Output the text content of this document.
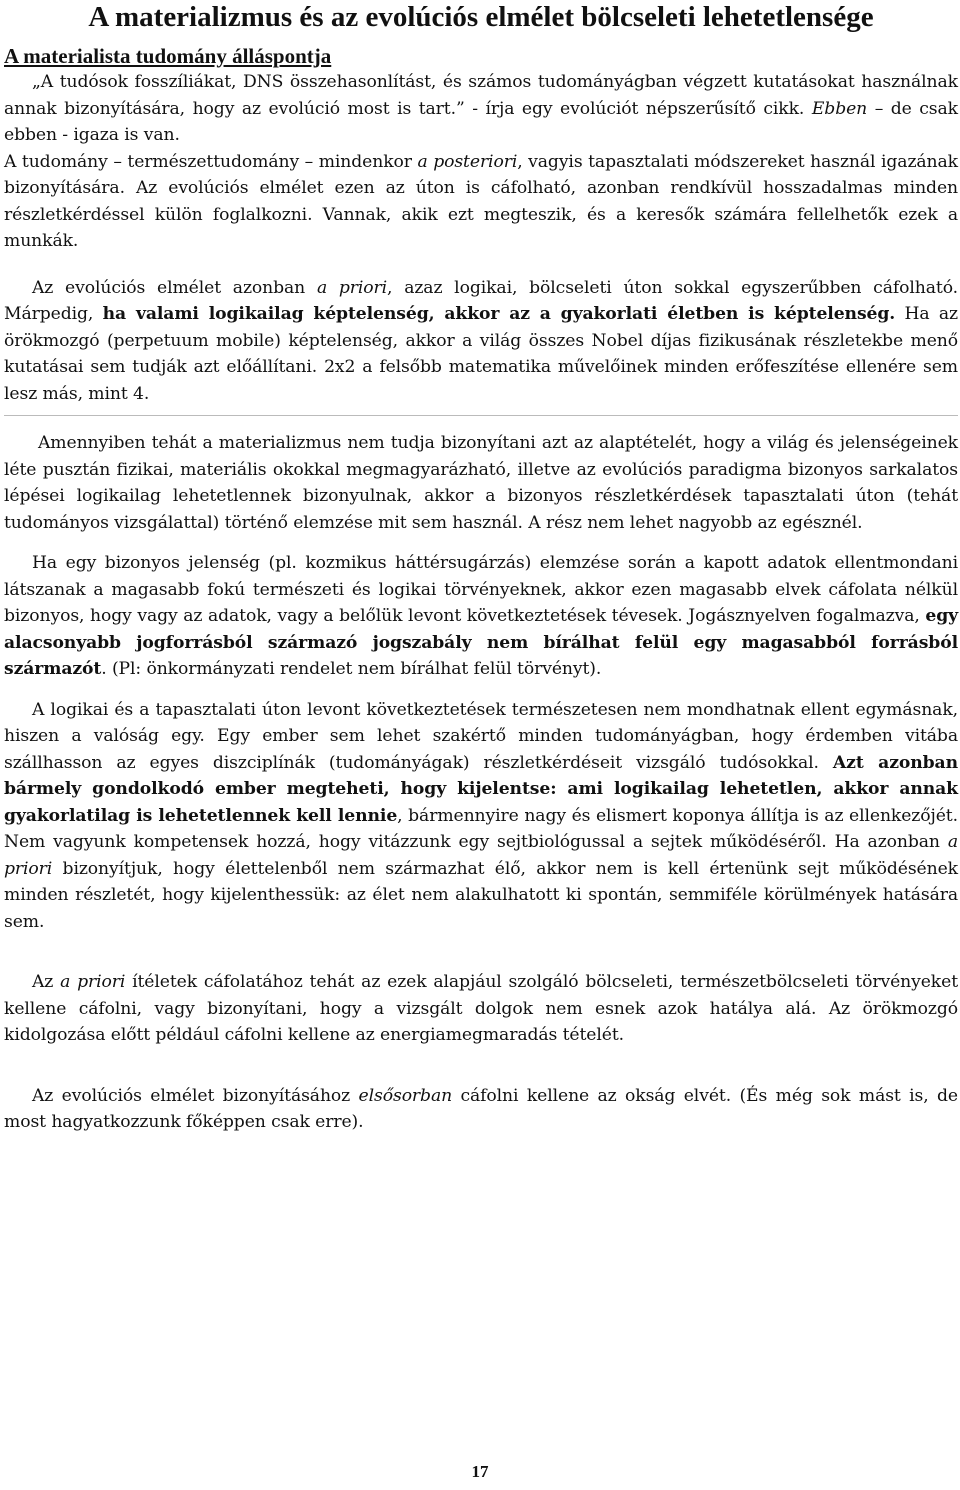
A materializmus és az evolúciós elmélet bölcseleti lehetetlensége
A materialista tudomány álláspontja

„A tudósok fosszíliákat, DNS összehasonlítást, és számos tudományágban végzett kutatásokat használnak annak bizonyítására, hogy az evolúció most is tart.” - írja egy evolúciót népszerűsítő cikk. Ebben – de csak ebben - igaza is van.

A tudomány – természettudomány – mindenkor a posteriori, vagyis tapasztalati módszereket használ igazának bizonyítására. Az evolúciós elmélet ezen az úton is cáfolható, azonban rendkívül hosszadalmas minden részletkérdéssel külön foglalkozni. Vannak, akik ezt megteszik, és a keresők számára fellelhetők ezek a munkák.

Az evolúciós elmélet azonban a priori, azaz logikai, bölcseleti úton sokkal egyszerűbben cáfolható. Márpedig, ha valami logikailag képtelenség, akkor az a gyakorlati életben is képtelenség. Ha az örökmozgó (perpetuum mobile) képtelenség, akkor a világ összes Nobel díjas fizikusának részletekbe menő kutatásai sem tudják azt előállítani. 2x2 a felsőbb matematika művelőinek minden erőfeszítése ellenére sem lesz más, mint 4.

Amennyiben tehát a materializmus nem tudja bizonyítani azt az alaptételét, hogy a világ és jelenségeinek léte pusztán fizikai, materiális okokkal megmagyarázható, illetve az evolúciós paradigma bizonyos sarkalatos lépései logikailag lehetetlennek bizonyulnak, akkor a bizonyos részletkérdések tapasztalati úton (tehát tudományos vizsgálattal) történő elemzése mit sem használ. A rész nem lehet nagyobb az egésznél.

Ha egy bizonyos jelenség (pl. kozmikus háttérsugárzás) elemzése során a kapott adatok ellentmondani látszanak a magasabb fokú természeti és logikai törvényeknek, akkor ezen magasabb elvek cáfolata nélkül bizonyos, hogy vagy az adatok, vagy a belőlük levont következtetések tévesek. Jogásznyelven fogalmazva, egy alacsonyabb jogforrásból származó jogszabály nem bírálhat felül egy magasabból forrásból származót. (Pl: önkormányzati rendelet nem bírálhat felül törvényt).

A logikai és a tapasztalati úton levont következtetések természetesen nem mondhatnak ellent egymásnak, hiszen a valóság egy. Egy ember sem lehet szakértő minden tudományágban, hogy érdemben vitába szállhasson az egyes diszciplínák (tudományágak) részletkérdéseit vizsgáló tudósokkal. Azt azonban bármely gondolkodó ember megteheti, hogy kijelentse: ami logikailag lehetetlen, akkor annak gyakorlatilag is lehetetlennek kell lennie, bármennyire nagy és elismert koponya állítja is az ellenkezőjét. Nem vagyunk kompetensek hozzá, hogy vitázzunk egy sejtbiológussal a sejtek működéséről. Ha azonban a priori bizonyítjuk, hogy élettelenből nem származhat élő, akkor nem is kell értenünk sejt működésének minden részletét, hogy kijelenthessük: az élet nem alakulhatott ki spontán, semmiféle körülmények hatására sem.

Az a priori ítéletek cáfolatához tehát az ezek alapjául szolgáló bölcseleti, természetbölcseleti törvényeket kellene cáfolni, vagy bizonyítani, hogy a vizsgált dolgok nem esnek azok hatálya alá. Az örökmozgó kidolgozása előtt például cáfolni kellene az energiamegmaradás tételét.

Az evolúciós elmélet bizonyításához elsősorban cáfolni kellene az okság elvét. (És még sok mást is, de most hagyatkozzunk főképpen csak erre).

17
